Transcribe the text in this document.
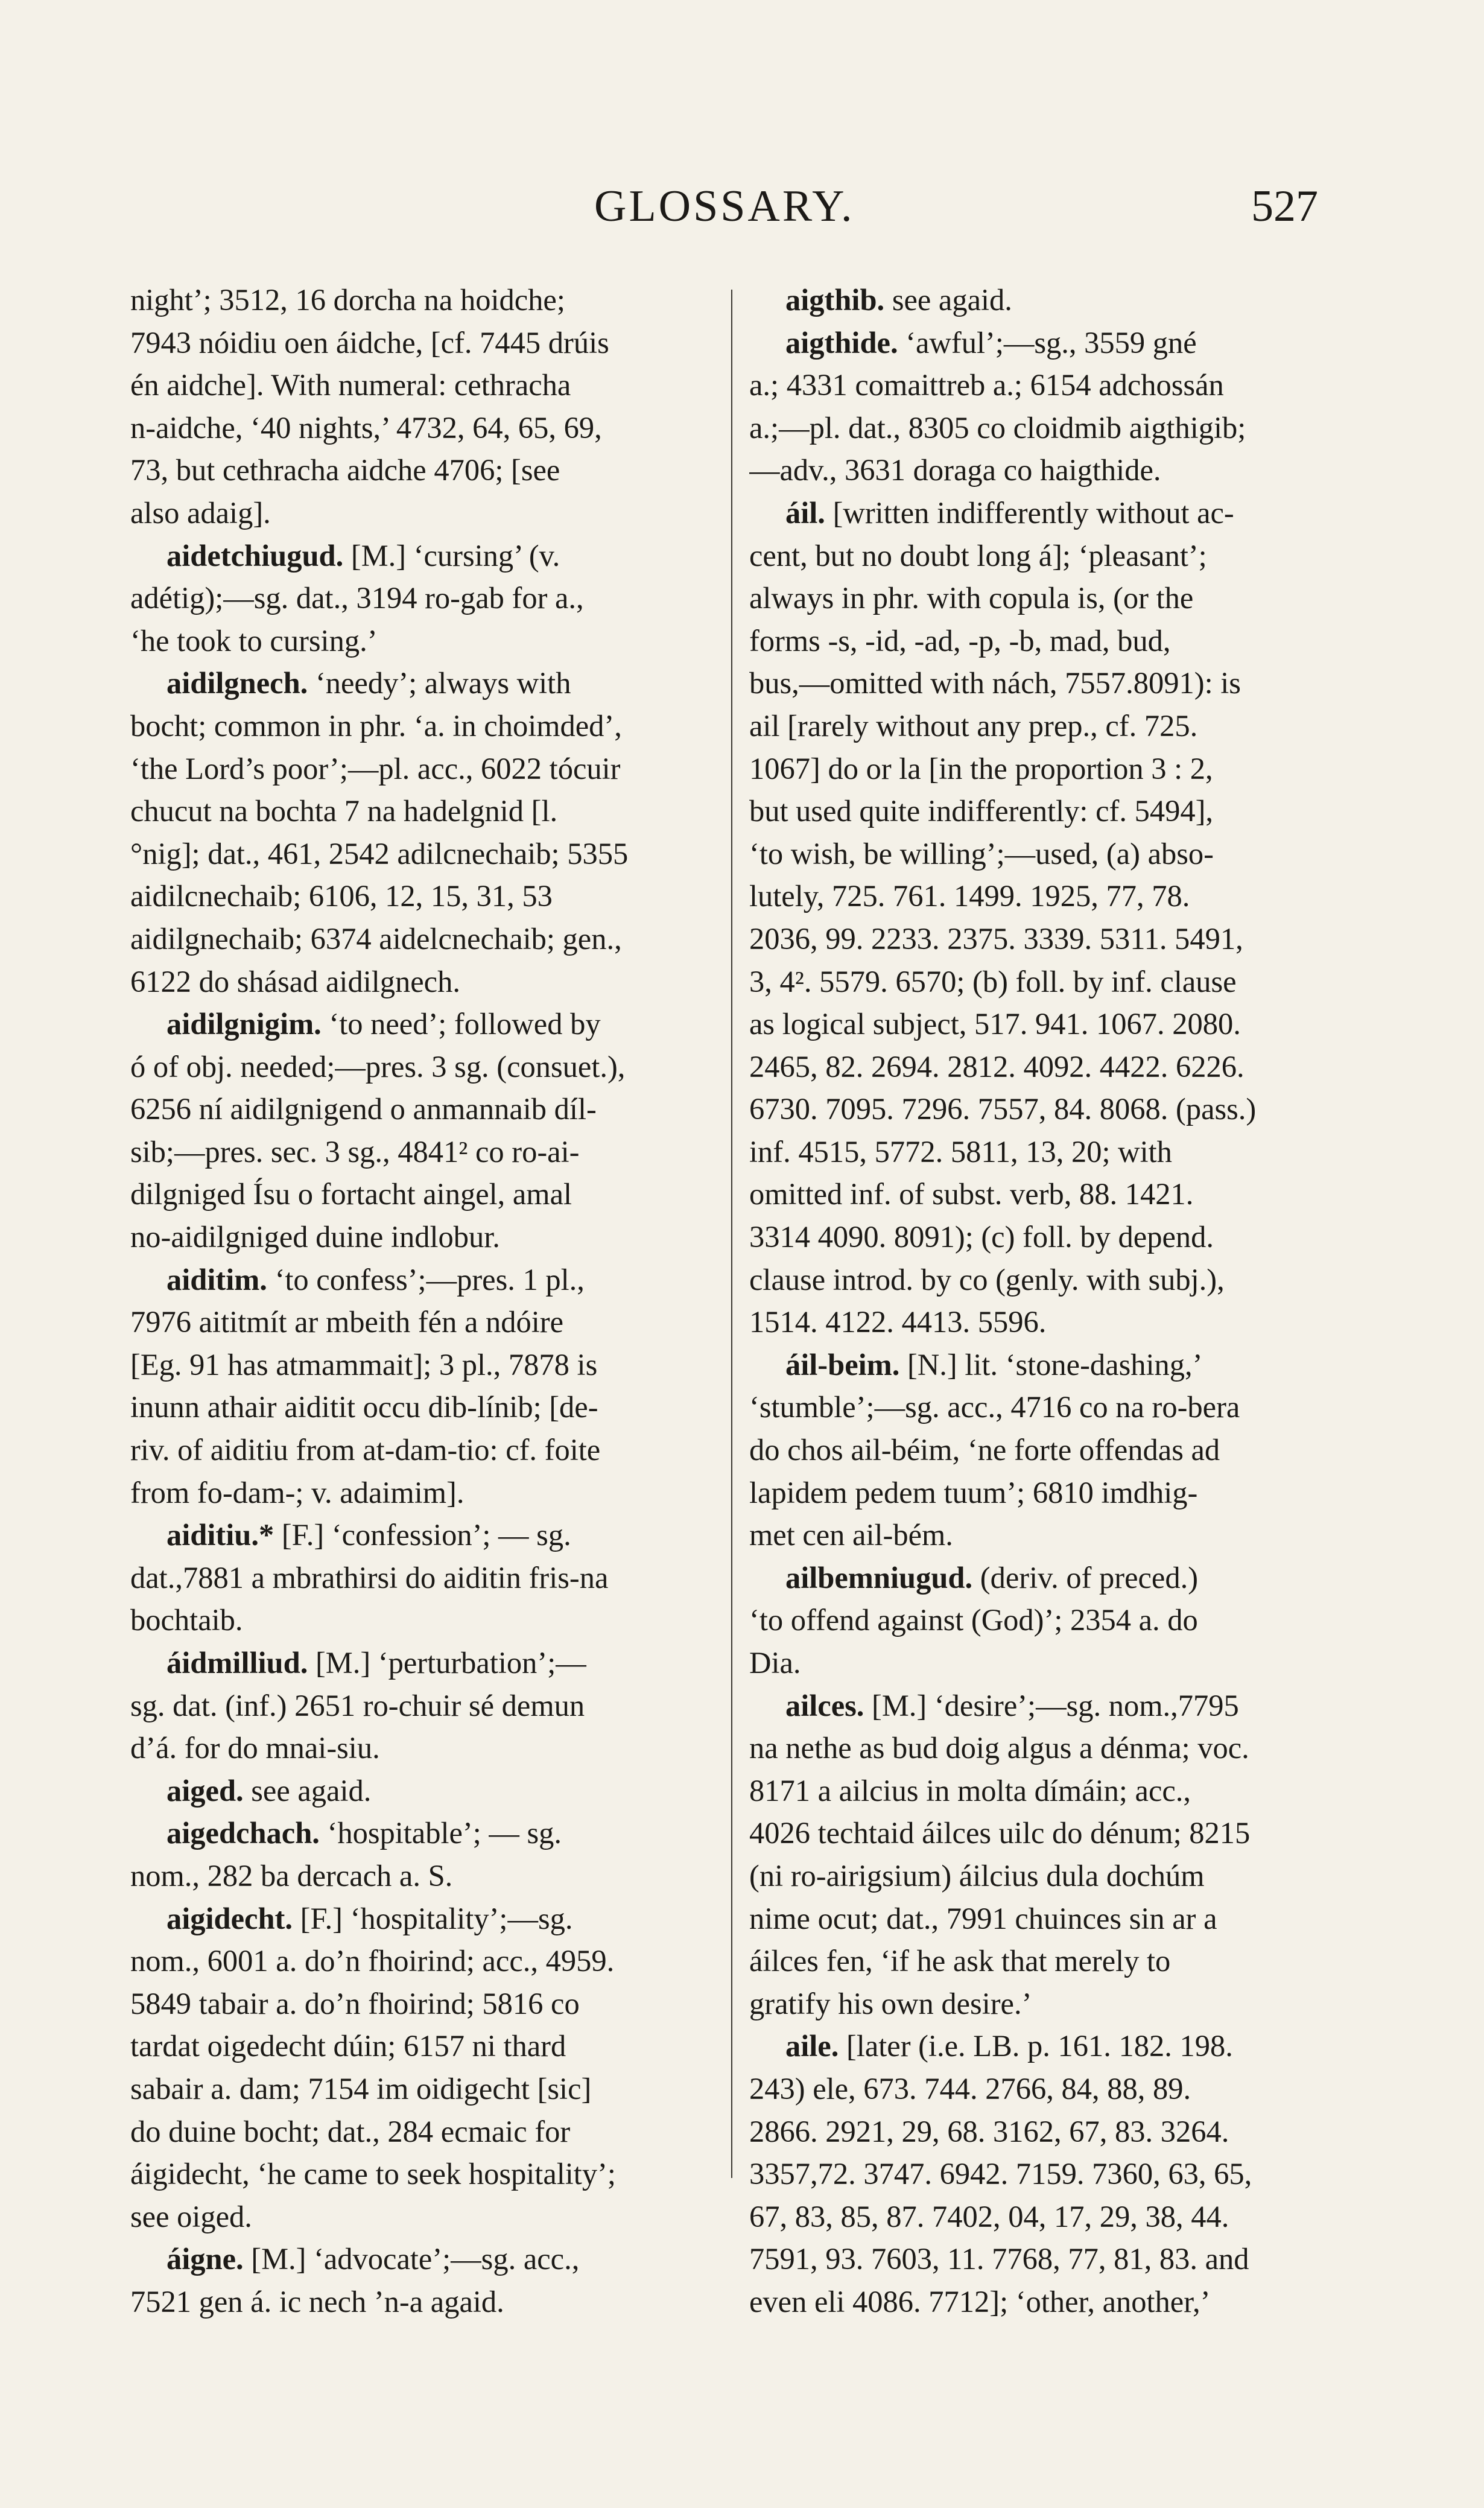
GLOSSARY.	527
night’; 3512, 16 dorcha na hoidche;
7943 nóidiu oen áidche, [cf. 7445 drúis
én aidche]. With numeral: cethracha
n-aidche, ‘40 nights,’ 4732, 64, 65, 69,
73, but cethracha aidche 4706; [see
also adaig].
aidetchiugud. [M.] ‘cursing’ (v.
adétig);—sg. dat., 3194 ro-gab for a.,
‘he took to cursing.’
aidilgnech. ‘needy’; always with
bocht; common in phr. ‘a. in choimded’,
‘the Lord’s poor’;—pl. acc., 6022 tócuir
chucut na bochta 7 na hadelgnid [l.
°nig]; dat., 461, 2542 adilcnechaib; 5355
aidilcnechaib; 6106, 12, 15, 31, 53
aidilgnechaib; 6374 aidelcnechaib; gen.,
6122 do shásad aidilgnech.
aidilgnigim. ‘to need’; followed by
ó of obj. needed;—pres. 3 sg. (consuet.),
6256 ní aidilgnigend o anmannaib díl-
sib;—pres. sec. 3 sg., 4841² co ro-ai-
dilgniged Ísu o fortacht aingel, amal
no-aidilgniged duine indlobur.
aiditim. ‘to confess’;—pres. 1 pl.,
7976 aititmít ar mbeith fén a ndóire
[Eg. 91 has atmammait]; 3 pl., 7878 is
inunn athair aiditit occu dib-línib; [de-
riv. of aiditiu from at-dam-tio: cf. foite
from fo-dam-; v. adaimim].
aiditiu.* [F.] ‘confession’; — sg.
dat.,7881 a mbrathirsi do aiditin fris-na
bochtaib.
áidmilliud. [M.] ‘perturbation’;—
sg. dat. (inf.) 2651 ro-chuir sé demun
d’á. for do mnai-siu.
aiged. see agaid.
aigedchach. ‘hospitable’; — sg.
nom., 282 ba dercach a. S.
aigidecht. [F.] ‘hospitality’;—sg.
nom., 6001 a. do’n fhoirind; acc., 4959.
5849 tabair a. do’n fhoirind; 5816 co
tardat oigedecht dúin; 6157 ni thard
sabair a. dam; 7154 im oidigecht [sic]
do duine bocht; dat., 284 ecmaic for
áigidecht, ‘he came to seek hospitality’;
see oiged.
áigne. [M.] ‘advocate’;—sg. acc.,
7521 gen á. ic nech ’n-a agaid.
aigthib. see agaid.
aigthide. ‘awful’;—sg., 3559 gné
a.; 4331 comaittreb a.; 6154 adchossán
a.;—pl. dat., 8305 co cloidmib aigthigib;
—adv., 3631 doraga co haigthide.
áil. [written indifferently without ac-
cent, but no doubt long á]; ‘pleasant’;
always in phr. with copula is, (or the
forms -s, -id, -ad, -p, -b, mad, bud,
bus,—omitted with nách, 7557.8091): is
ail [rarely without any prep., cf. 725.
1067] do or la [in the proportion 3 : 2,
but used quite indifferently: cf. 5494],
‘to wish, be willing’;—used, (a) abso-
lutely, 725. 761. 1499. 1925, 77, 78.
2036, 99. 2233. 2375. 3339. 5311. 5491,
3, 4². 5579. 6570; (b) foll. by inf. clause
as logical subject, 517. 941. 1067. 2080.
2465, 82. 2694. 2812. 4092. 4422. 6226.
6730. 7095. 7296. 7557, 84. 8068. (pass.)
inf. 4515, 5772. 5811, 13, 20; with
omitted inf. of subst. verb, 88. 1421.
3314 4090. 8091); (c) foll. by depend.
clause introd. by co (genly. with subj.),
1514. 4122. 4413. 5596.
áil-beim. [N.] lit. ‘stone-dashing,’
‘stumble’;—sg. acc., 4716 co na ro-bera
do chos ail-béim, ‘ne forte offendas ad
lapidem pedem tuum’; 6810 imdhig-
met cen ail-bém.
ailbemniugud. (deriv. of preced.)
‘to offend against (God)’; 2354 a. do
Dia.
ailces. [M.] ‘desire’;—sg. nom.,7795
na nethe as bud doig algus a dénma; voc.
8171 a ailcius in molta dímáin; acc.,
4026 techtaid áilces uilc do dénum; 8215
(ni ro-airigsium) áilcius dula dochúm
nime ocut; dat., 7991 chuinces sin ar a
áilces fen, ‘if he ask that merely to
gratify his own desire.’
aile. [later (i.e. LB. p. 161. 182. 198.
243) ele, 673. 744. 2766, 84, 88, 89.
2866. 2921, 29, 68. 3162, 67, 83. 3264.
3357,72. 3747. 6942. 7159. 7360, 63, 65,
67, 83, 85, 87. 7402, 04, 17, 29, 38, 44.
7591, 93. 7603, 11. 7768, 77, 81, 83. and
even eli 4086. 7712]; ‘other, another,’
